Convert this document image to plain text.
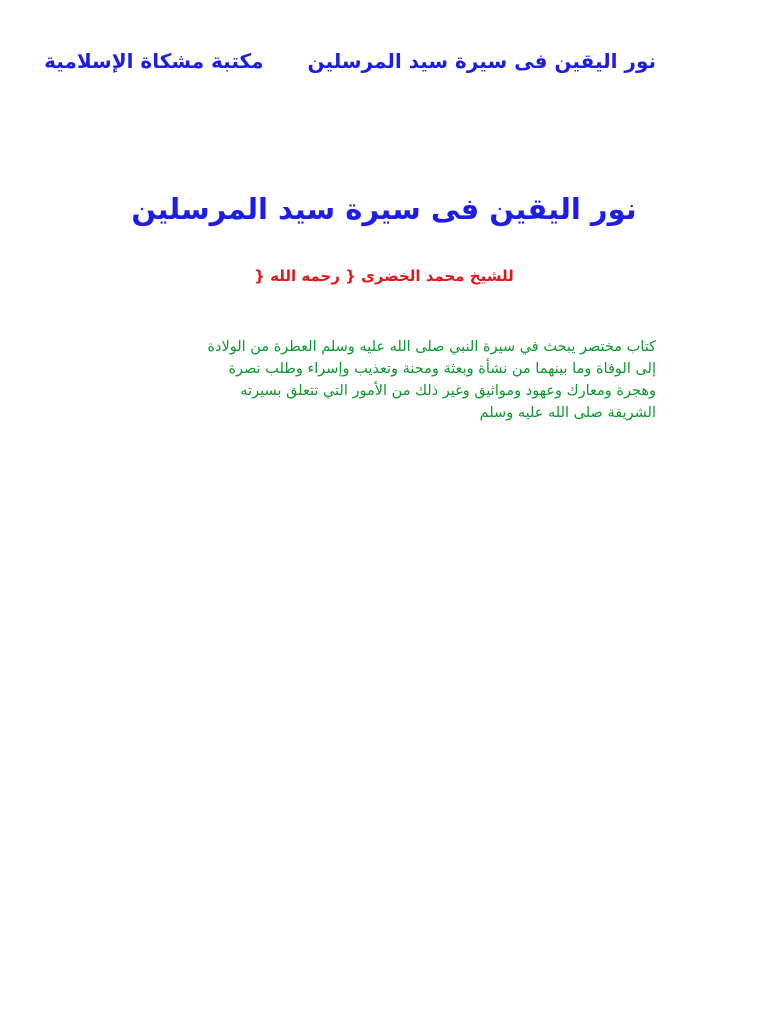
نور اليقين فى سيرة سيد المرسلين
مكتبة مشكاة الإسلامية
نور اليقين فى سيرة سيد المرسلين
للشيخ محمد الخضرى { رحمه الله {
كتاب مختصر يبحث في سيرة النبي صلى الله عليه وسلم العطرة من الولادة
إلى الوفاة وما بينهما من نشأة وبعثة ومحنة وتعذيب وإسراء وطلب نصرة
وهجرة ومعارك وعهود ومواثيق وغير ذلك من الأمور التي تتعلق بسيرته
الشريفة صلى الله عليه وسلم
